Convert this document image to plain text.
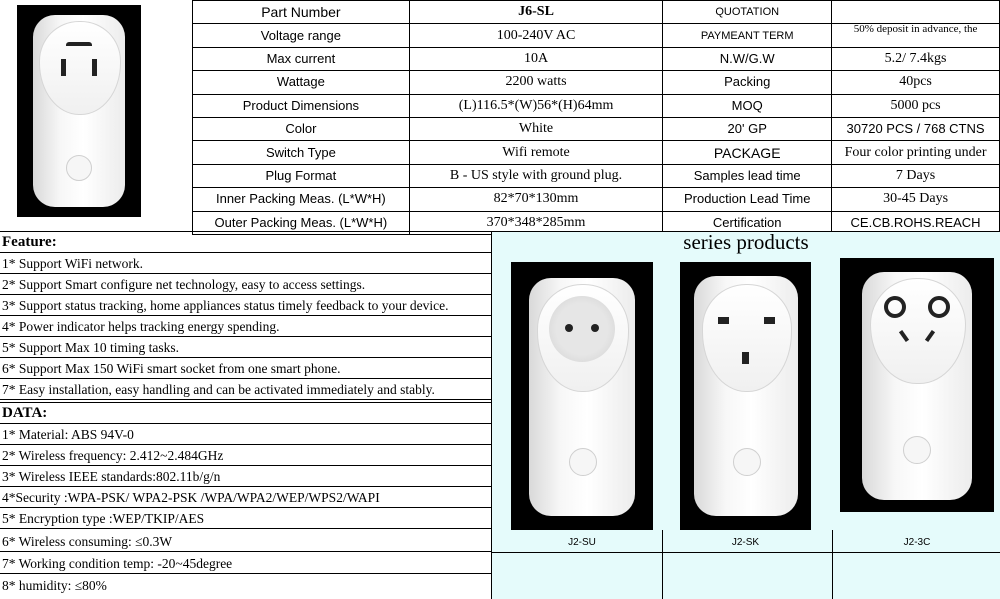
Part Number	J6-SL	QUOTATION	
Voltage range	100-240V AC	PAYMEANT TERM	50% deposit in advance, the
Max current	10A	N.W/G.W	5.2/ 7.4kgs
Wattage	2200 watts	Packing	40pcs
Product Dimensions	(L)116.5*(W)56*(H)64mm	MOQ	5000 pcs
Color	White	20' GP	30720 PCS / 768 CTNS
Switch Type	Wifi remote	PACKAGE	Four color printing under
Plug Format	B - US style with ground plug.	Samples lead time	7 Days
Inner Packing Meas. (L*W*H)	82*70*130mm	Production Lead Time	30-45 Days
Outer Packing Meas. (L*W*H)	370*348*285mm	Certification	CE.CB.ROHS.REACH
Feature:
1* Support WiFi network.
2* Support Smart configure net technology, easy to access settings.
3* Support status tracking, home appliances status timely feedback to your device.
4* Power indicator helps tracking energy spending.
5* Support Max 10 timing tasks.
6* Support Max 150 WiFi smart socket from one smart phone.
7* Easy installation, easy handling and can be activated immediately and stably.
DATA:
1* Material: ABS 94V-0
2* Wireless frequency: 2.412~2.484GHz
3* Wireless IEEE standards:802.11b/g/n
4*Security :WPA-PSK/ WPA2-PSK /WPA/WPA2/WEP/WPS2/WAPI
5* Encryption type :WEP/TKIP/AES
6* Wireless consuming: ≤0.3W
7* Working condition temp: -20~45degree
8* humidity: ≤80%
series products
J2-SU	J2-SK	J2-3C
